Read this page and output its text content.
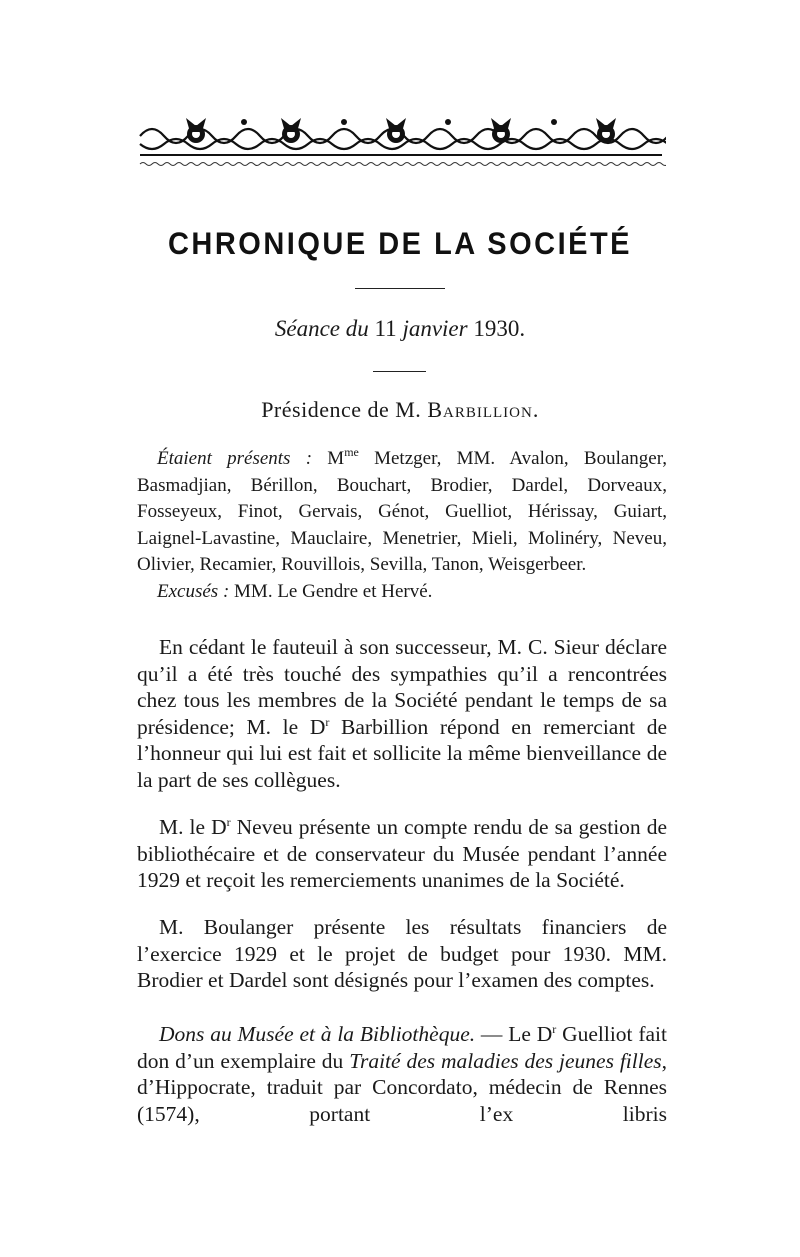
CHRONIQUE DE LA SOCIÉTÉ
Séance du 11 janvier 1930.
Présidence de M. Barbillion.

Étaient présents : $M^{me}$ Metzger, MM. Avalon, Boulanger, Basmadjian, Bérillon, Bouchart, Brodier, Dardel, Dorveaux, Fosseyeux, Finot, Gervais, Génot, Guelliot, Hérissay, Guiart, Laignel-Lavastine, Mauclaire, Menetrier, Mieli, Molinéry, Neveu, Olivier, Recamier, Rouvillois, Sevilla, Tanon, Weisgerbeer.

Excusés : MM. Le Gendre et Hervé.

En cédant le fauteuil à son successeur, M. C. Sieur déclare qu’il a été très touché des sympathies qu’il a rencontrées chez tous les membres de la Société pendant le temps de sa présidence; M. le $D^r$ Barbillion répond en remerciant de l’honneur qui lui est fait et sollicite la même bienveillance de la part de ses collègues.

M. le $D^r$ Neveu présente un compte rendu de sa gestion de bibliothécaire et de conservateur du Musée pendant l’année 1929 et reçoit les remerciements unanimes de la Société.

M. Boulanger présente les résultats financiers de l’exercice 1929 et le projet de budget pour 1930. MM. Brodier et Dardel sont désignés pour l’examen des comptes.

Dons au Musée et à la Bibliothèque. — Le $D^r$ Guelliot fait don d’un exemplaire du Traité des maladies des jeunes filles, d’Hippocrate, traduit par Concordato, médecin de Rennes (1574), portant l’ex libris
